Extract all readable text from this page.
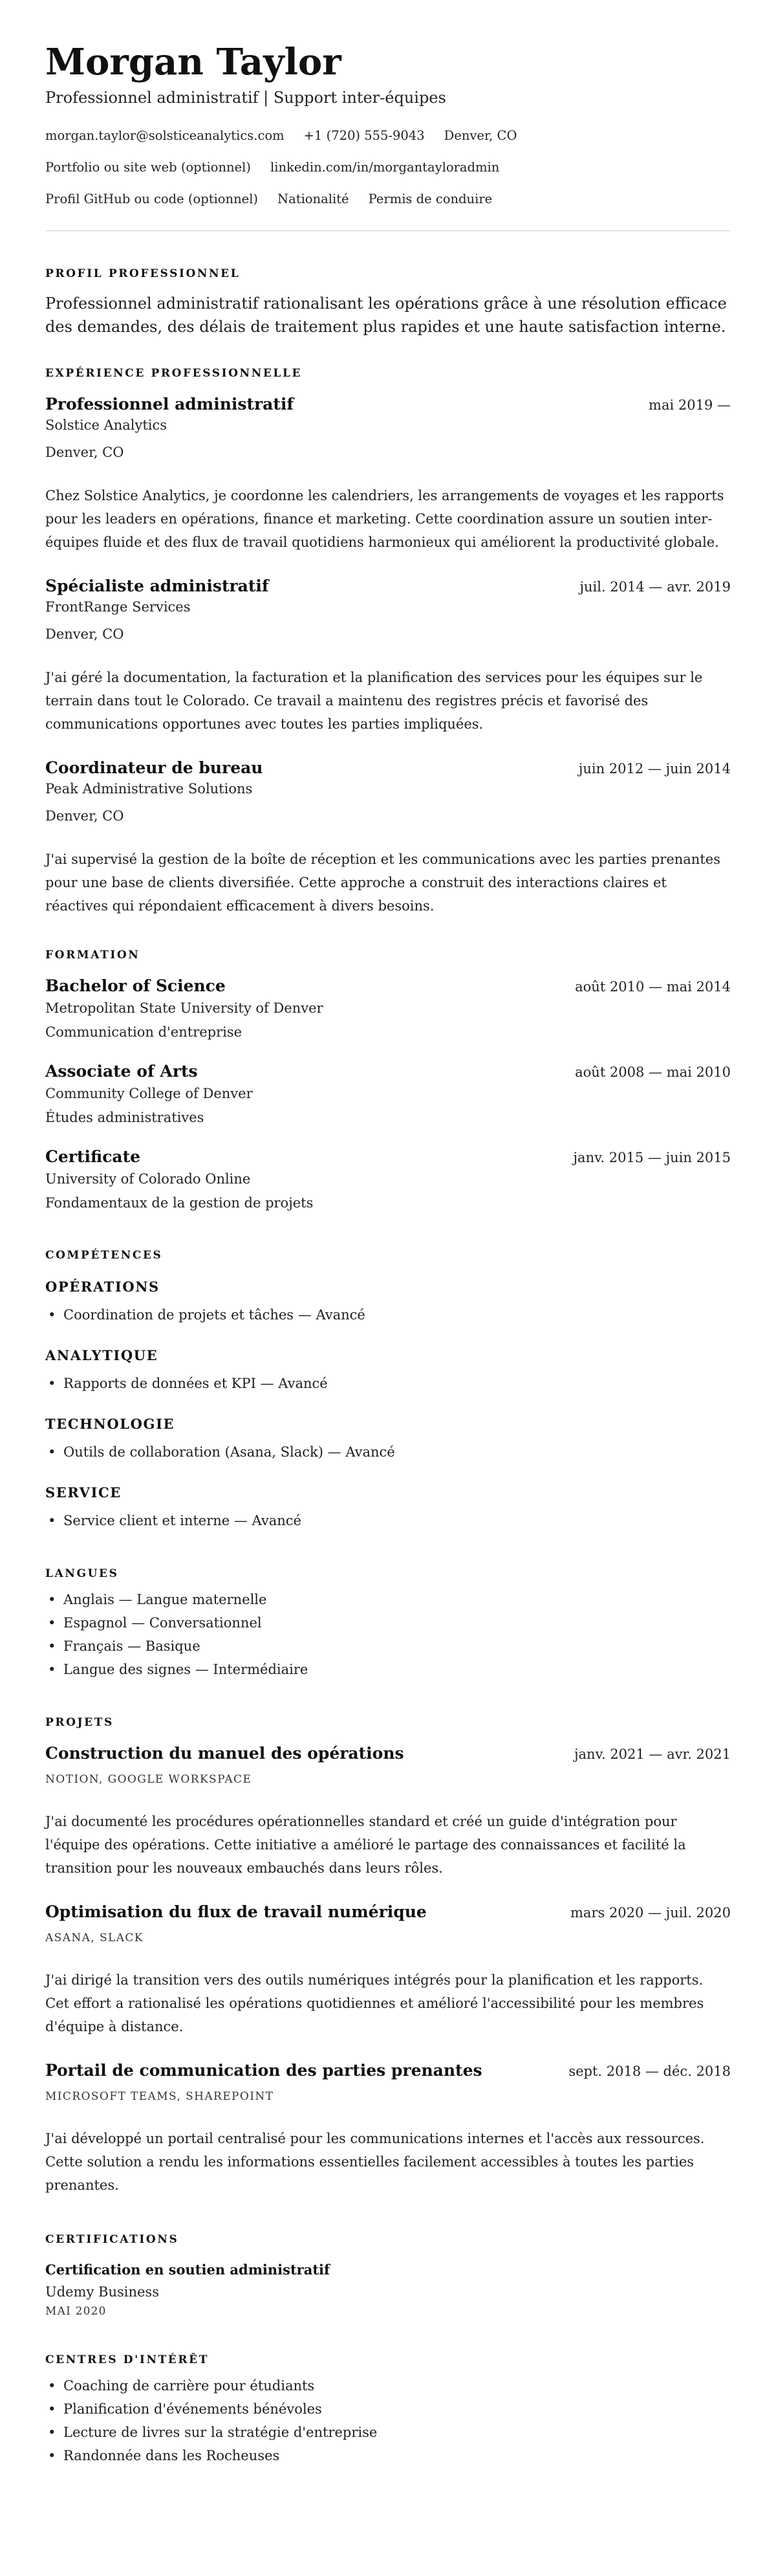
Morgan Taylor
Professionnel administratif | Support inter-équipes
morgan.taylor@solsticeanalytics.com +1 (720) 555-9043 Denver, CO
Portfolio ou site web (optionnel) linkedin.com/in/morgantayloradmin
Profil GitHub ou code (optionnel) Nationalité Permis de conduire
PROFIL PROFESSIONNEL

Professionnel administratif rationalisant les opérations grâce à une résolution efficace des demandes, des délais de traitement plus rapides et une haute satisfaction interne.

EXPÉRIENCE PROFESSIONNELLE
Professionnel administratif	mai 2019 —
Solstice Analytics
Denver, CO

Chez Solstice Analytics, je coordonne les calendriers, les arrangements de voyages et les rapports pour les leaders en opérations, finance et marketing. Cette coordination assure un soutien inter-équipes fluide et des flux de travail quotidiens harmonieux qui améliorent la productivité globale.

Spécialiste administratif	juil. 2014 — avr. 2019
FrontRange Services
Denver, CO

J'ai géré la documentation, la facturation et la planification des services pour les équipes sur le terrain dans tout le Colorado. Ce travail a maintenu des registres précis et favorisé des communications opportunes avec toutes les parties impliquées.

Coordinateur de bureau	juin 2012 — juin 2014
Peak Administrative Solutions
Denver, CO

J'ai supervisé la gestion de la boîte de réception et les communications avec les parties prenantes pour une base de clients diversifiée. Cette approche a construit des interactions claires et réactives qui répondaient efficacement à divers besoins.

FORMATION
Bachelor of Science	août 2010 — mai 2014
Metropolitan State University of Denver
Communication d'entreprise
Associate of Arts	août 2008 — mai 2010
Community College of Denver
Études administratives
Certificate	janv. 2015 — juin 2015
University of Colorado Online
Fondamentaux de la gestion de projets
COMPÉTENCES
OPÉRATIONS
• Coordination de projets et tâches — Avancé
ANALYTIQUE
• Rapports de données et KPI — Avancé
TECHNOLOGIE
• Outils de collaboration (Asana, Slack) — Avancé
SERVICE
• Service client et interne — Avancé
LANGUES
• Anglais — Langue maternelle
• Espagnol — Conversationnel
• Français — Basique
• Langue des signes — Intermédiaire
PROJETS
Construction du manuel des opérations	janv. 2021 — avr. 2021
NOTION, GOOGLE WORKSPACE

J'ai documenté les procédures opérationnelles standard et créé un guide d'intégration pour l'équipe des opérations. Cette initiative a amélioré le partage des connaissances et facilité la transition pour les nouveaux embauchés dans leurs rôles.

Optimisation du flux de travail numérique	mars 2020 — juil. 2020
ASANA, SLACK

J'ai dirigé la transition vers des outils numériques intégrés pour la planification et les rapports. Cet effort a rationalisé les opérations quotidiennes et amélioré l'accessibilité pour les membres d'équipe à distance.

Portail de communication des parties prenantes	sept. 2018 — déc. 2018
MICROSOFT TEAMS, SHAREPOINT

J'ai développé un portail centralisé pour les communications internes et l'accès aux ressources. Cette solution a rendu les informations essentielles facilement accessibles à toutes les parties prenantes.

CERTIFICATIONS
Certification en soutien administratif
Udemy Business
MAI 2020
CENTRES D'INTÉRÊT
• Coaching de carrière pour étudiants
• Planification d'événements bénévoles
• Lecture de livres sur la stratégie d'entreprise
• Randonnée dans les Rocheuses
